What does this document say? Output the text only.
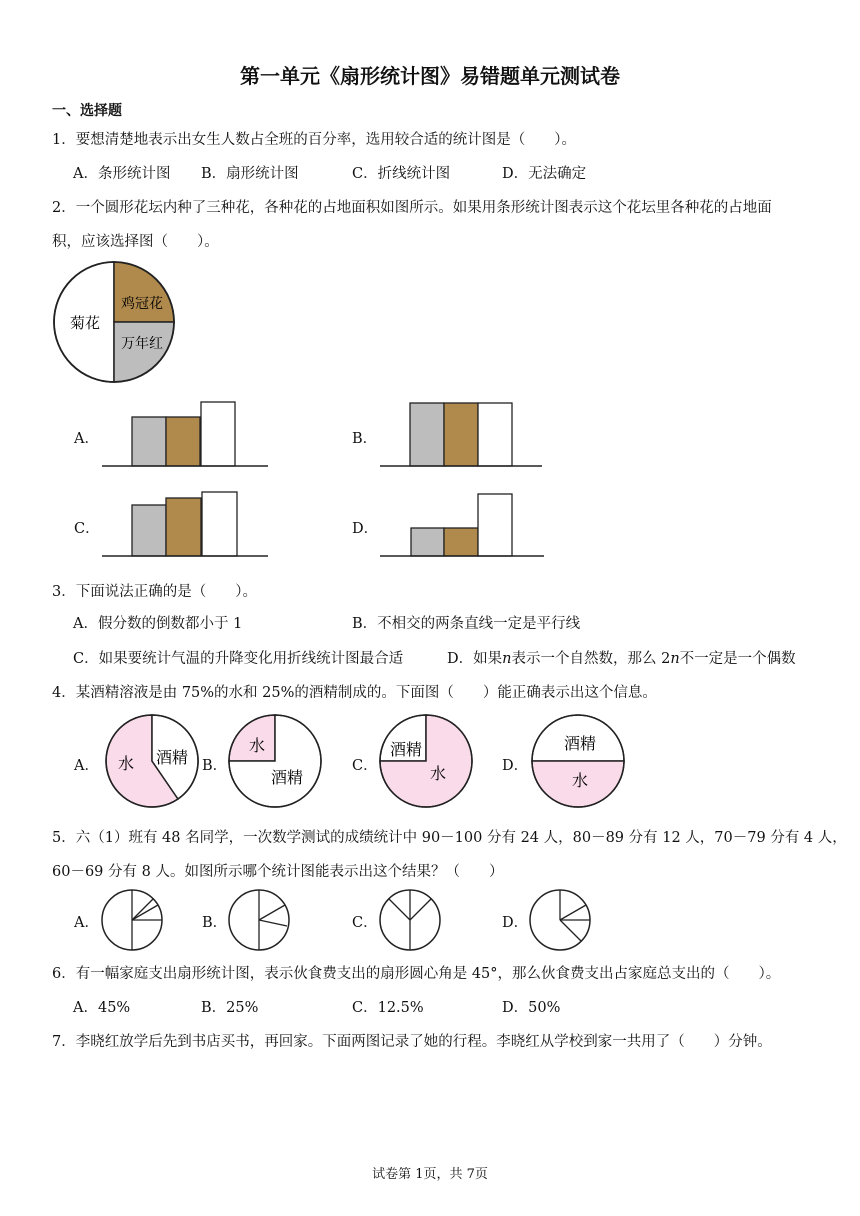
第一单元《扇形统计图》易错题单元测试卷
一、选择题
1．要想清楚地表示出女生人数占全班的百分率，选用较合适的统计图是（　　）。
A．条形统计图 B．扇形统计图	C．折线统计图	D．无法确定
2．一个圆形花坛内种了三种花，各种花的占地面积如图所示。如果用条形统计图表示这个花坛里各种花的占地面
积，应该选择图（　　）。
菊花
鸡冠花
万年红
A．	B．
C．	D．
3．下面说法正确的是（　　）。
A．假分数的倒数都小于 1	B．不相交的两条直线一定是平行线
C．如果要统计气温的升降变化用折线统计图最合适	D．如果n表示一个自然数，那么 2n不一定是一个偶数
4．某酒精溶液是由 75%的水和 25%的酒精制成的。下面图（　　）能正确表示出这个信息。
A． 水 酒精 B．
水
酒精
C．
酒精
水	D．
酒精
水
5．六（1）班有 48 名同学，一次数学测试的成绩统计中 90－100 分有 24 人，80－89 分有 12 人，70－79 分有 4 人，
60－69 分有 8 人。如图所示哪个统计图能表示出这个结果？（　　）
A．	B．	C．	D．
6．有一幅家庭支出扇形统计图，表示伙食费支出的扇形圆心角是 45°，那么伙食费支出占家庭总支出的（　　）。
A．45%	B．25%	C．12.5%	D．50%
7．李晓红放学后先到书店买书，再回家。下面两图记录了她的行程。李晓红从学校到家一共用了（　　）分钟。
试卷第 1页，共 7页
